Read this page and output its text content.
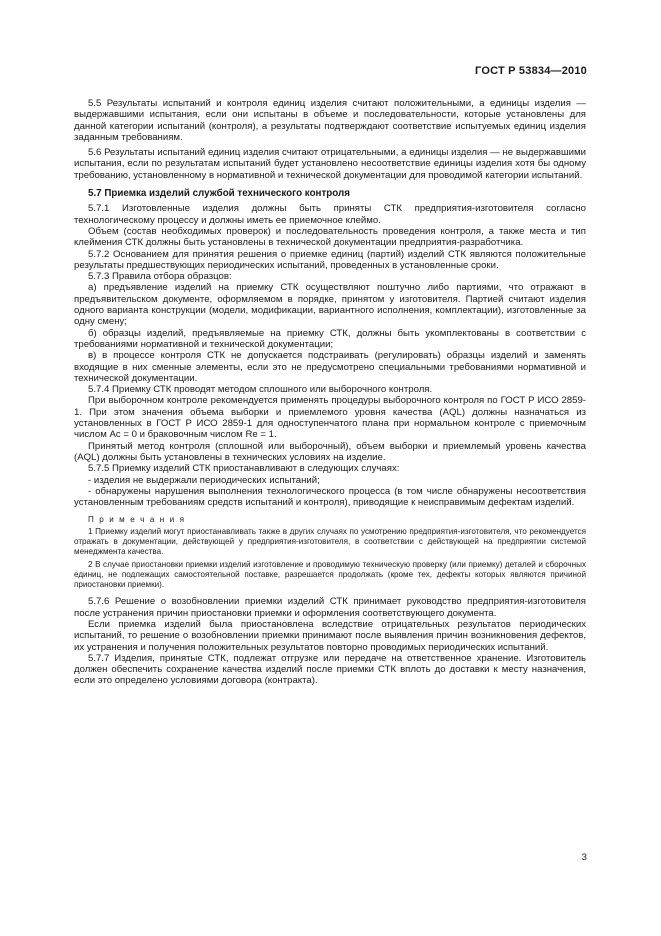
ГОСТ Р 53834—2010

5.5 Результаты испытаний и контроля единиц изделия считают положительными, а единицы изделия — выдержавшими испытания, если они испытаны в объеме и последовательности, которые установлены для данной категории испытаний (контроля), а результаты подтверждают соответствие испытуемых единиц изделия заданным требованиям.

5.6 Результаты испытаний единиц изделия считают отрицательными, а единицы изделия — не выдержавшими испытания, если по результатам испытаний будет установлено несоответствие единицы изделия хотя бы одному требованию, установленному в нормативной и технической документации для проводимой категории испытаний.

5.7 Приемка изделий службой технического контроля

5.7.1 Изготовленные изделия должны быть приняты СТК предприятия-изготовителя согласно технологическому процессу и должны иметь ее приемочное клеймо.

Объем (состав необходимых проверок) и последовательность проведения контроля, а также места и тип клеймения СТК должны быть установлены в технической документации предприятия-разработчика.

5.7.2 Основанием для принятия решения о приемке единиц (партий) изделий СТК являются положительные результаты предшествующих периодических испытаний, проведенных в установленные сроки.

5.7.3 Правила отбора образцов:

а) предъявление изделий на приемку СТК осуществляют поштучно либо партиями, что отражают в предъявительском документе, оформляемом в порядке, принятом у изготовителя. Партией считают изделия одного варианта конструкции (модели, модификации, вариантного исполнения, комплектации), изготовленные за одну смену;

б) образцы изделий, предъявляемые на приемку СТК, должны быть укомплектованы в соответствии с требованиями нормативной и технической документации;

в) в процессе контроля СТК не допускается подстраивать (регулировать) образцы изделий и заменять входящие в них сменные элементы, если это не предусмотрено специальными требованиями нормативной и технической документации.

5.7.4 Приемку СТК проводят методом сплошного или выборочного контроля.

При выборочном контроле рекомендуется применять процедуры выборочного контроля по ГОСТ Р ИСО 2859-1. При этом значения объема выборки и приемлемого уровня качества (AQL) должны назначаться из установленных в ГОСТ Р ИСО 2859-1 для одноступенчатого плана при нормальном контроле с приемочным числом Ac = 0 и браковочным числом Re = 1.

Принятый метод контроля (сплошной или выборочный), объем выборки и приемлемый уровень качества (AQL) должны быть установлены в технических условиях на изделие.

5.7.5 Приемку изделий СТК приостанавливают в следующих случаях:

- изделия не выдержали периодических испытаний;

- обнаружены нарушения выполнения технологического процесса (в том числе обнаружены несоответствия установленным требованиям средств испытаний и контроля), приводящие к неисправимым дефектам изделий.

П р и м е ч а н и я

1 Приемку изделий могут приостанавливать также в других случаях по усмотрению предприятия-изготовителя, что рекомендуется отражать в документации, действующей у предприятия-изготовителя, в соответствии с действующей на предприятии системой менеджмента качества.

2 В случае приостановки приемки изделий изготовление и проводимую техническую проверку (или приемку) деталей и сборочных единиц, не подлежащих самостоятельной поставке, разрешается продолжать (кроме тех, дефекты которых являются причиной приостановки приемки).

5.7.6 Решение о возобновлении приемки изделий СТК принимает руководство предприятия-изготовителя после устранения причин приостановки приемки и оформления соответствующего документа.

Если приемка изделий была приостановлена вследствие отрицательных результатов периодических испытаний, то решение о возобновлении приемки принимают после выявления причин возникновения дефектов, их устранения и получения положительных результатов повторно проводимых периодических испытаний.

5.7.7 Изделия, принятые СТК, подлежат отгрузке или передаче на ответственное хранение. Изготовитель должен обеспечить сохранение качества изделий после приемки СТК вплоть до доставки к месту назначения, если это определено условиями договора (контракта).

3
